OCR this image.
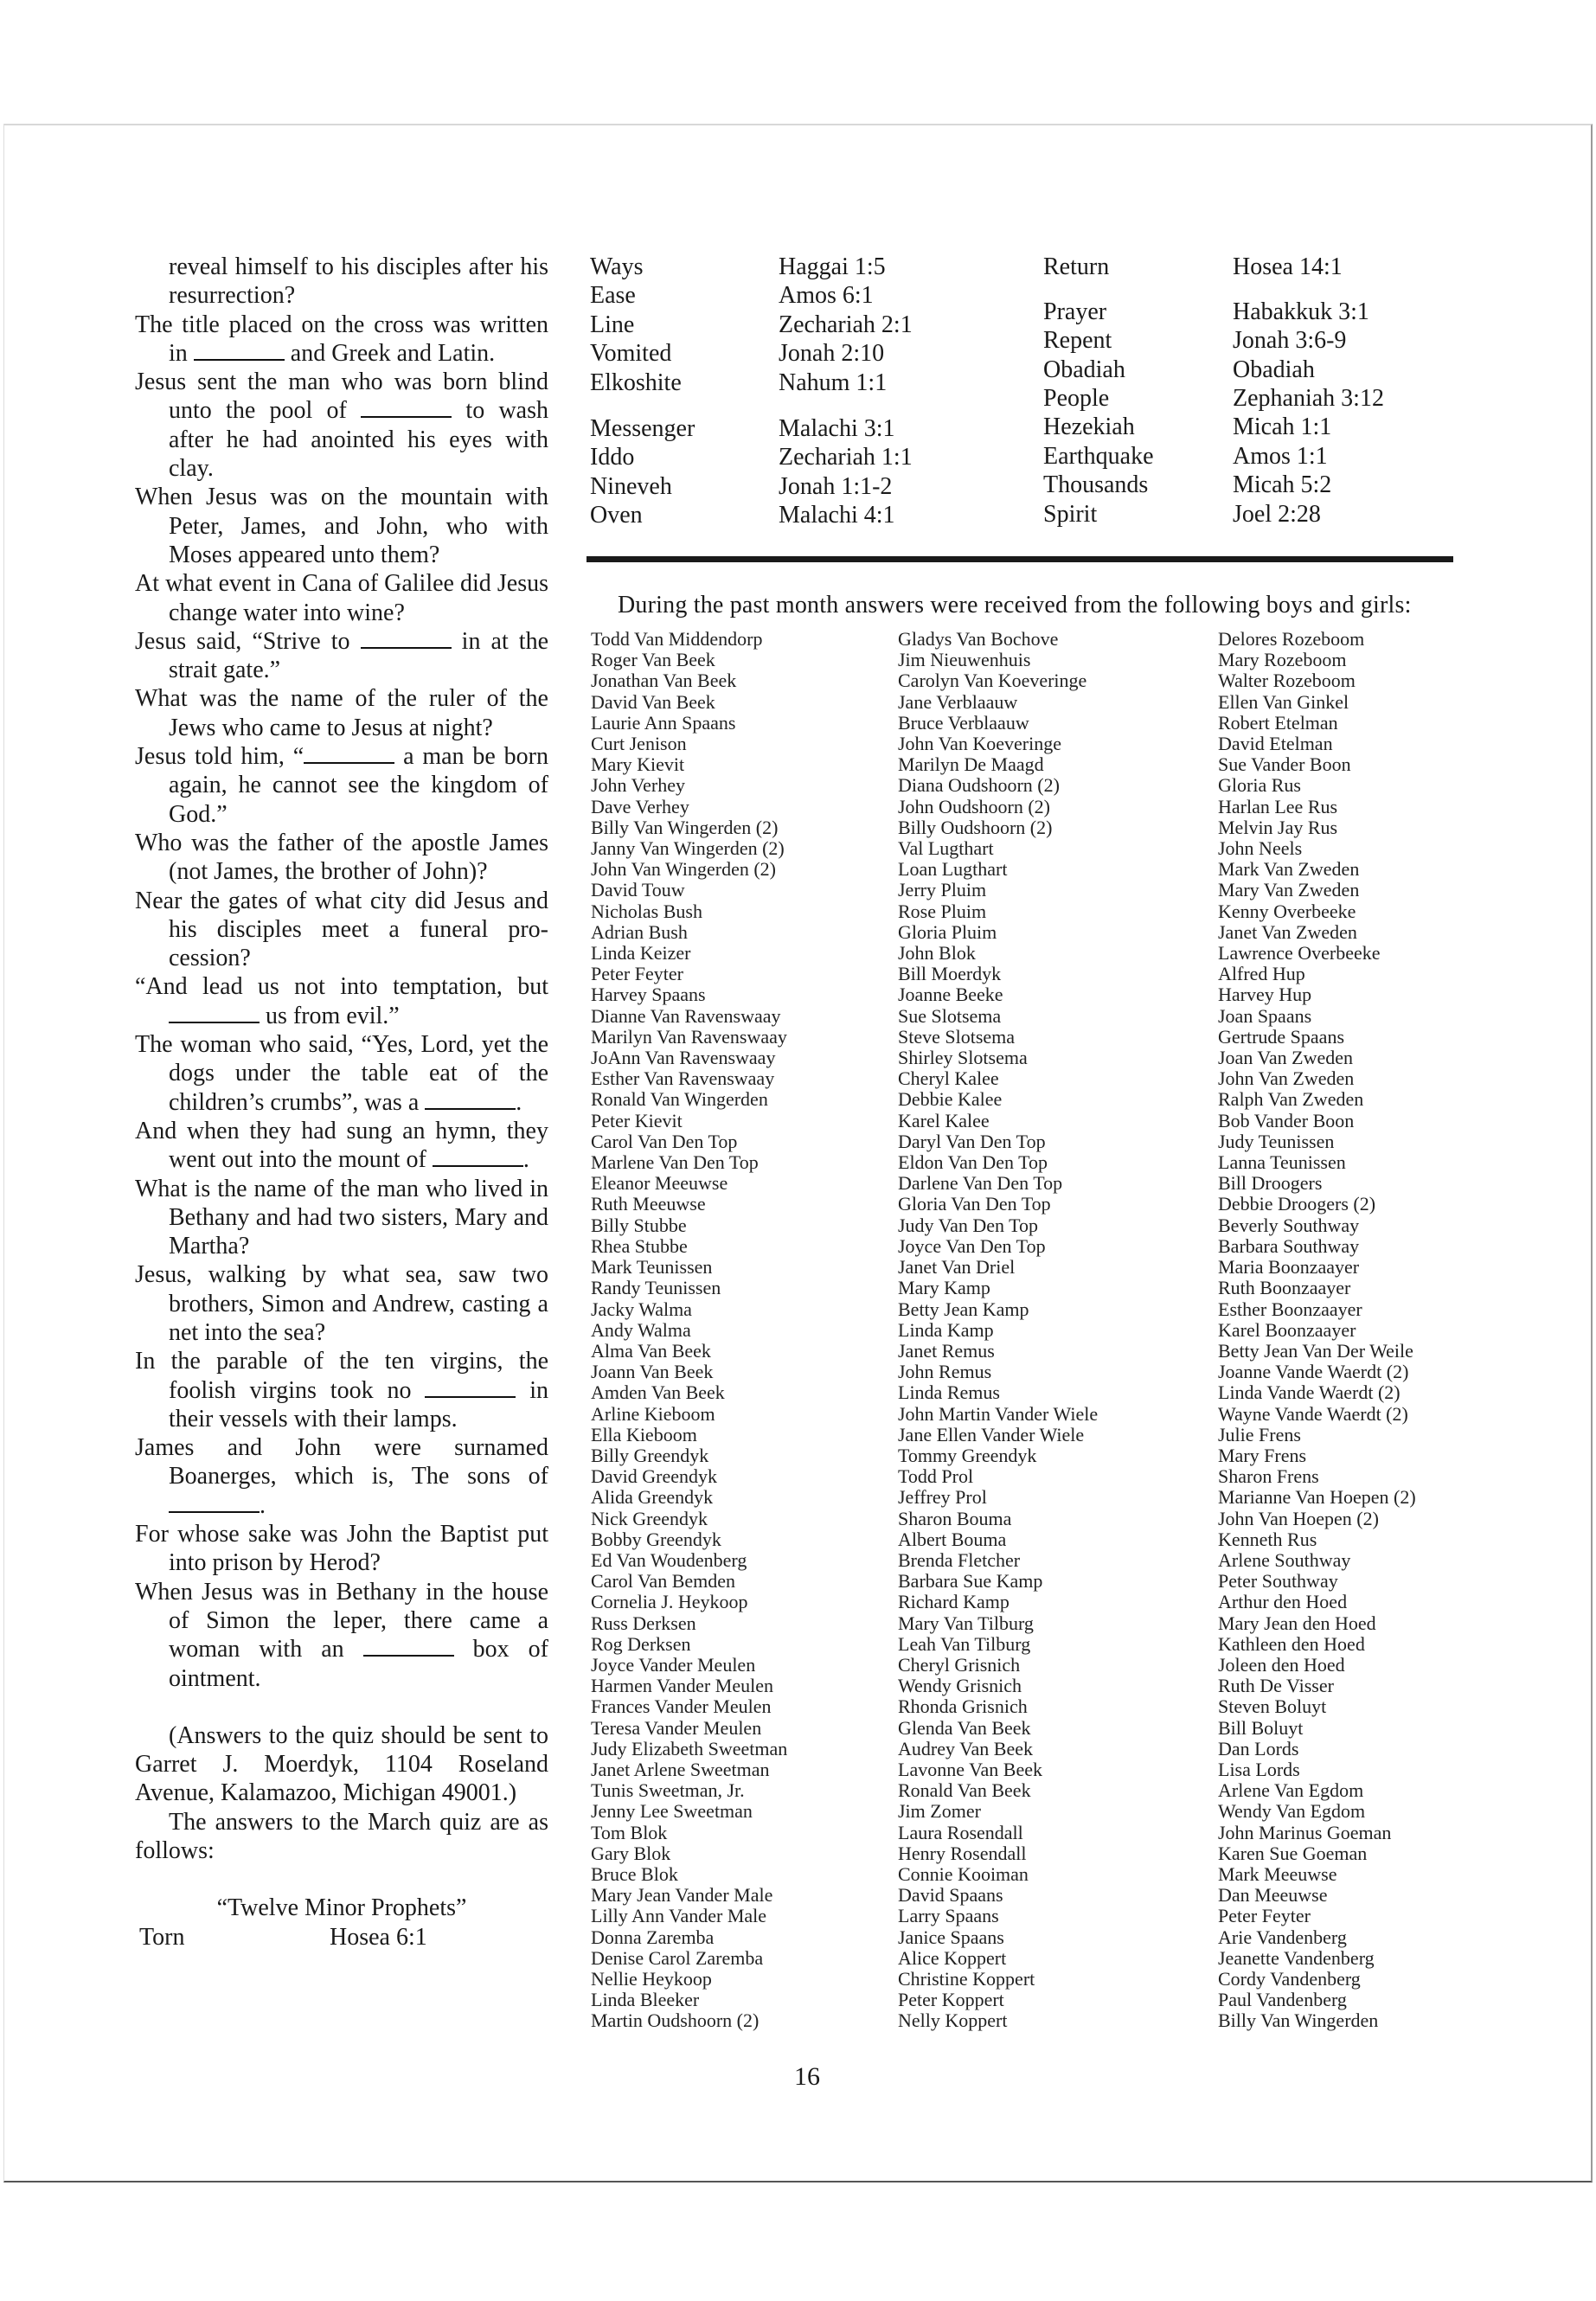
reveal himself to his disciples after his resurrection?

The title placed on the cross was written in	and Greek and Latin.

Jesus sent the man who was born blind unto the pool of	to wash after he had anointed his eyes with clay.

When Jesus was on the mountain with Peter, James, and John, who with Moses appeared unto them?

At what event in Cana of Galilee did Jesus change water into wine?

Jesus said, “Strive to	in at the strait gate.”

What was the name of the ruler of the Jews who came to Jesus at night?

Jesus told him, “	a man be born again, he cannot see the kingdom of God.”

Who was the father of the apostle James (not James, the brother of John)?

Near the gates of what city did Jesus and his disciples meet a funeral procession?

“And lead us not into temptation, but  us from evil.”

The woman who said, “Yes, Lord, yet the dogs under the table eat of the children’s crumbs”, was a	.

And when they had sung an hymn, they went out into the mount of	.

What is the name of the man who lived in Bethany and had two sisters, Mary and Martha?

Jesus, walking by what sea, saw two brothers, Simon and Andrew, casting a net into the sea?

In the parable of the ten virgins, the foolish virgins took no	in their vessels with their lamps.

James and John were surnamed Boanerges, which is, The sons of .

For whose sake was John the Baptist put into prison by Herod?

When Jesus was in Bethany in the house of Simon the leper, there came a woman with an	box of ointment.

(Answers to the quiz should be sent to Garret J. Moerdyk, 1104 Roseland Avenue, Kalamazoo, Michigan 49001.)

The answers to the March quiz are as follows:

“Twelve Minor Prophets”

Torn	Hosea 6:1
Ways	Haggai 1:5
Ease	Amos 6:1
Line	Zechariah 2:1
Vomited	Jonah 2:10
Elkoshite	Nahum 1:1
Messenger	Malachi 3:1
Iddo	Zechariah 1:1
Nineveh	Jonah 1:1-2
Oven	Malachi 4:1
Return	Hosea 14:1
Prayer	Habakkuk 3:1
Repent	Jonah 3:6-9
Obadiah	Obadiah
People	Zephaniah 3:12
Hezekiah	Micah 1:1
Earthquake	Amos 1:1
Thousands	Micah 5:2
Spirit	Joel 2:28
During the past month answers were received from the following boys and girls:
Todd Van Middendorp
Roger Van Beek
Jonathan Van Beek
David Van Beek
Laurie Ann Spaans
Curt Jenison
Mary Kievit
John Verhey
Dave Verhey
Billy Van Wingerden (2)
Janny Van Wingerden (2)
John Van Wingerden (2)
David Touw
Nicholas Bush
Adrian Bush
Linda Keizer
Peter Feyter
Harvey Spaans
Dianne Van Ravenswaay
Marilyn Van Ravenswaay
JoAnn Van Ravenswaay
Esther Van Ravenswaay
Ronald Van Wingerden
Peter Kievit
Carol Van Den Top
Marlene Van Den Top
Eleanor Meeuwse
Ruth Meeuwse
Billy Stubbe
Rhea Stubbe
Mark Teunissen
Randy Teunissen
Jacky Walma
Andy Walma
Alma Van Beek
Joann Van Beek
Amden Van Beek
Arline Kieboom
Ella Kieboom
Billy Greendyk
David Greendyk
Alida Greendyk
Nick Greendyk
Bobby Greendyk
Ed Van Woudenberg
Carol Van Bemden
Cornelia J. Heykoop
Russ Derksen
Rog Derksen
Joyce Vander Meulen
Harmen Vander Meulen
Frances Vander Meulen
Teresa Vander Meulen
Judy Elizabeth Sweetman
Janet Arlene Sweetman
Tunis Sweetman, Jr.
Jenny Lee Sweetman
Tom Blok
Gary Blok
Bruce Blok
Mary Jean Vander Male
Lilly Ann Vander Male
Donna Zaremba
Denise Carol Zaremba
Nellie Heykoop
Linda Bleeker
Martin Oudshoorn (2)
Gladys Van Bochove
Jim Nieuwenhuis
Carolyn Van Koeveringe
Jane Verblaauw
Bruce Verblaauw
John Van Koeveringe
Marilyn De Maagd
Diana Oudshoorn (2)
John Oudshoorn (2)
Billy Oudshoorn (2)
Val Lugthart
Loan Lugthart
Jerry Pluim
Rose Pluim
Gloria Pluim
John Blok
Bill Moerdyk
Joanne Beeke
Sue Slotsema
Steve Slotsema
Shirley Slotsema
Cheryl Kalee
Debbie Kalee
Karel Kalee
Daryl Van Den Top
Eldon Van Den Top
Darlene Van Den Top
Gloria Van Den Top
Judy Van Den Top
Joyce Van Den Top
Janet Van Driel
Mary Kamp
Betty Jean Kamp
Linda Kamp
Janet Remus
John Remus
Linda Remus
John Martin Vander Wiele
Jane Ellen Vander Wiele
Tommy Greendyk
Todd Prol
Jeffrey Prol
Sharon Bouma
Albert Bouma
Brenda Fletcher
Barbara Sue Kamp
Richard Kamp
Mary Van Tilburg
Leah Van Tilburg
Cheryl Grisnich
Wendy Grisnich
Rhonda Grisnich
Glenda Van Beek
Audrey Van Beek
Lavonne Van Beek
Ronald Van Beek
Jim Zomer
Laura Rosendall
Henry Rosendall
Connie Kooiman
David Spaans
Larry Spaans
Janice Spaans
Alice Koppert
Christine Koppert
Peter Koppert
Nelly Koppert
Delores Rozeboom
Mary Rozeboom
Walter Rozeboom
Ellen Van Ginkel
Robert Etelman
David Etelman
Sue Vander Boon
Gloria Rus
Harlan Lee Rus
Melvin Jay Rus
John Neels
Mark Van Zweden
Mary Van Zweden
Kenny Overbeeke
Janet Van Zweden
Lawrence Overbeeke
Alfred Hup
Harvey Hup
Joan Spaans
Gertrude Spaans
Joan Van Zweden
John Van Zweden
Ralph Van Zweden
Bob Vander Boon
Judy Teunissen
Lanna Teunissen
Bill Droogers
Debbie Droogers (2)
Beverly Southway
Barbara Southway
Maria Boonzaayer
Ruth Boonzaayer
Esther Boonzaayer
Karel Boonzaayer
Betty Jean Van Der Weile
Joanne Vande Waerdt (2)
Linda Vande Waerdt (2)
Wayne Vande Waerdt (2)
Julie Frens
Mary Frens
Sharon Frens
Marianne Van Hoepen (2)
John Van Hoepen (2)
Kenneth Rus
Arlene Southway
Peter Southway
Arthur den Hoed
Mary Jean den Hoed
Kathleen den Hoed
Joleen den Hoed
Ruth De Visser
Steven Boluyt
Bill Boluyt
Dan Lords
Lisa Lords
Arlene Van Egdom
Wendy Van Egdom
John Marinus Goeman
Karen Sue Goeman
Mark Meeuwse
Dan Meeuwse
Peter Feyter
Arie Vandenberg
Jeanette Vandenberg
Cordy Vandenberg
Paul Vandenberg
Billy Van Wingerden
16
